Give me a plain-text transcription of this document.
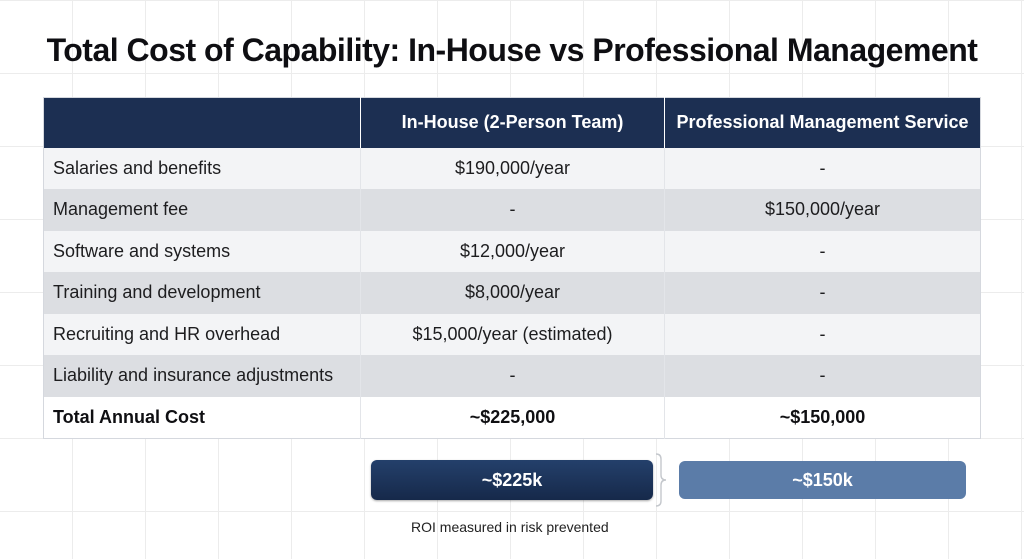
Total Cost of Capability: In-House vs Professional Management
	In-House (2-Person Team)	Professional Management Service
Salaries and benefits	$190,000/year	-
Management fee	-	$150,000/year
Software and systems	$12,000/year	-
Training and development	$8,000/year	-
Recruiting and HR overhead	$15,000/year (estimated)	-
Liability and insurance adjustments	-	-
Total Annual Cost	~$225,000	~$150,000
~$225k	~$150k
ROI measured in risk prevented
